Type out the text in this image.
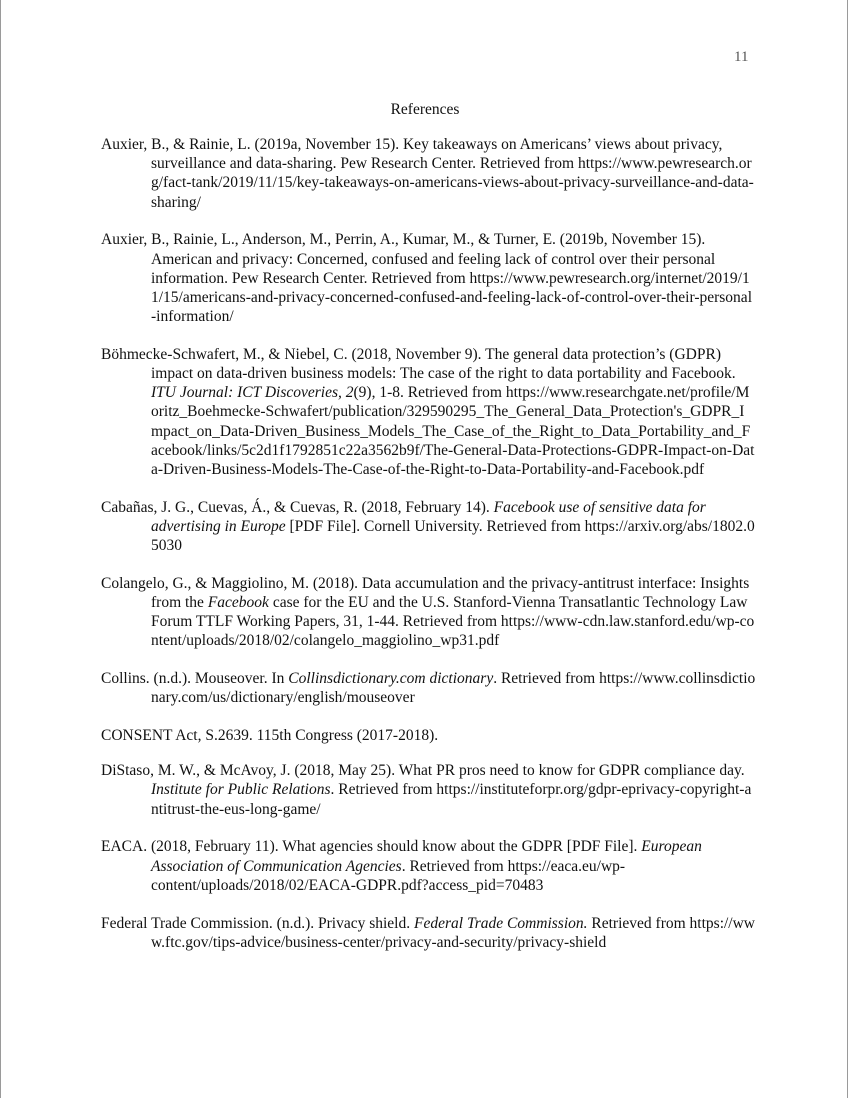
11
References

Auxier, B., & Rainie, L. (2019a, November 15). Key takeaways on Americans’ views about privacy, surveillance and data-sharing. Pew Research Center. Retrieved from https://www.pewresearch.org/fact-tank/2019/11/15/key-takeaways-on-americans-views-about-privacy-surveillance-and-data-sharing/

Auxier, B., Rainie, L., Anderson, M., Perrin, A., Kumar, M., & Turner, E. (2019b, November 15). American and privacy: Concerned, confused and feeling lack of control over their personal information. Pew Research Center. Retrieved from https://www.pewresearch.org/internet/2019/11/15/americans-and-privacy-concerned-confused-and-feeling-lack-of-control-over-their-personal-information/

Böhmecke-Schwafert, M., & Niebel, C. (2018, November 9). The general data protection’s (GDPR) impact on data-driven business models: The case of the right to data portability and Facebook. ITU Journal: ICT Discoveries, 2(9), 1-8. Retrieved from https://www.researchgate.net/profile/Moritz_Boehmecke-Schwafert/publication/329590295_The_General_Data_Protection's_GDPR_Impact_on_Data-Driven_Business_Models_The_Case_of_the_Right_to_Data_Portability_and_Facebook/links/5c2d1f1792851c22a3562b9f/The-General-Data-Protections-GDPR-Impact-on-Data-Driven-Business-Models-The-Case-of-the-Right-to-Data-Portability-and-Facebook.pdf

Cabañas, J. G., Cuevas, Á., & Cuevas, R. (2018, February 14). Facebook use of sensitive data for advertising in Europe [PDF File]. Cornell University. Retrieved from https://arxiv.org/abs/1802.05030

Colangelo, G., & Maggiolino, M. (2018). Data accumulation and the privacy-antitrust interface: Insights from the Facebook case for the EU and the U.S. Stanford-Vienna Transatlantic Technology Law Forum TTLF Working Papers, 31, 1-44. Retrieved from https://www-cdn.law.stanford.edu/wp-content/uploads/2018/02/colangelo_maggiolino_wp31.pdf

Collins. (n.d.). Mouseover. In Collinsdictionary.com dictionary. Retrieved from https://www.collinsdictionary.com/us/dictionary/english/mouseover

CONSENT Act, S.2639. 115th Congress (2017-2018).

DiStaso, M. W., & McAvoy, J. (2018, May 25). What PR pros need to know for GDPR compliance day. Institute for Public Relations. Retrieved from https://instituteforpr.org/gdpr-eprivacy-copyright-antitrust-the-eus-long-game/

EACA. (2018, February 11). What agencies should know about the GDPR [PDF File]. European Association of Communication Agencies. Retrieved from https://eaca.eu/wp-content/uploads/2018/02/EACA-GDPR.pdf?access_pid=70483

Federal Trade Commission. (n.d.). Privacy shield. Federal Trade Commission. Retrieved from https://www.ftc.gov/tips-advice/business-center/privacy-and-security/privacy-shield
